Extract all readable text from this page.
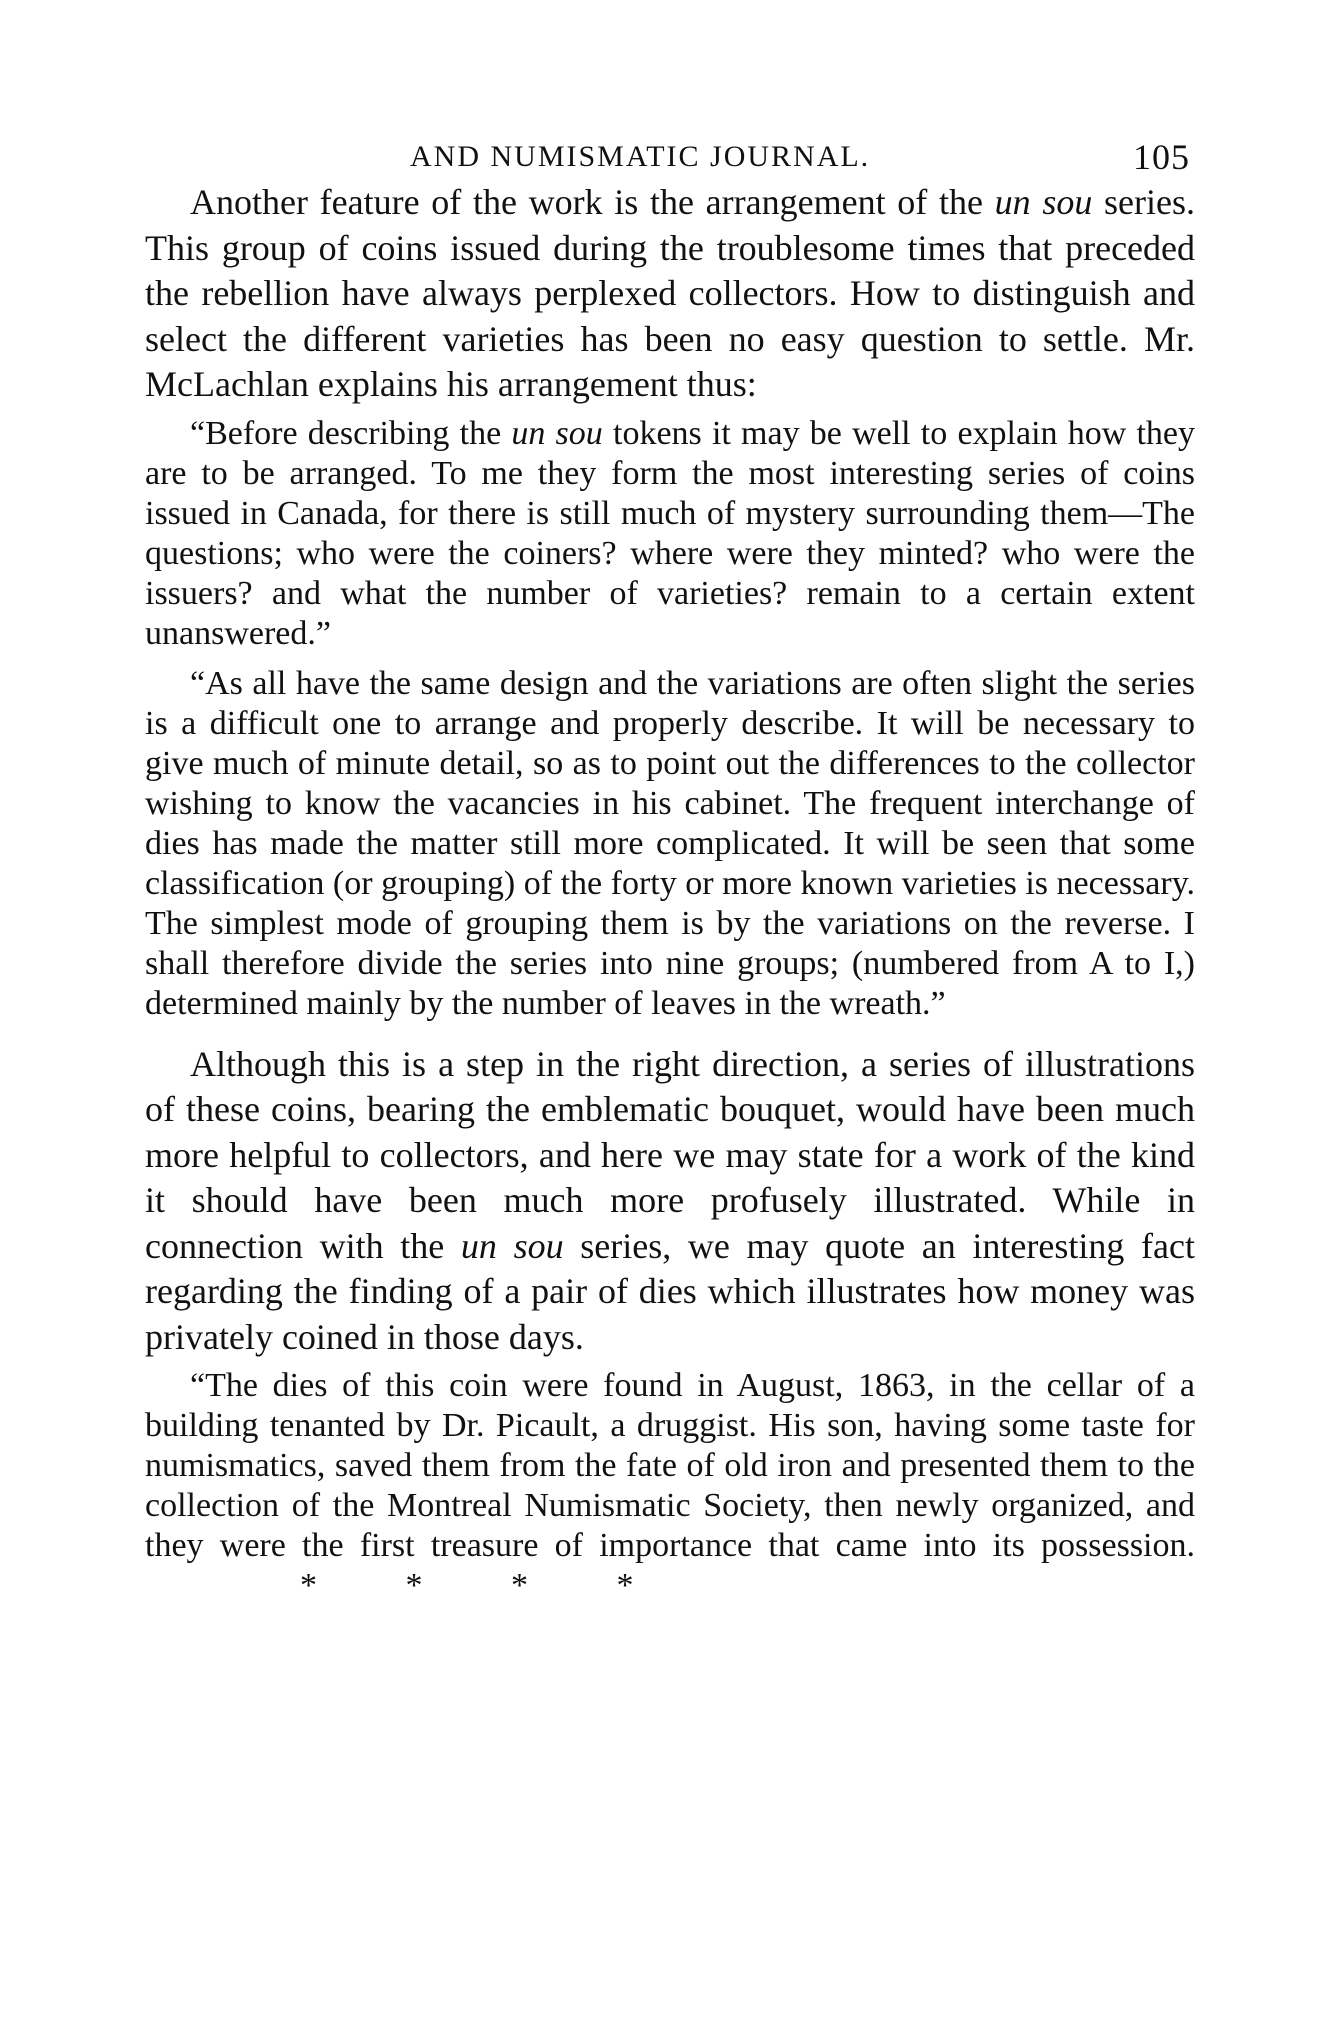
AND NUMISMATIC JOURNAL.	105

Another feature of the work is the arrangement of the un sou series. This group of coins issued during the troublesome times that preceded the rebellion have always perplexed collectors. How to distinguish and select the different varieties has been no easy question to settle. Mr. McLachlan explains his arrangement thus:

“Before describing the un sou tokens it may be well to explain how they are to be arranged. To me they form the most interesting series of coins issued in Canada, for there is still much of mystery surrounding them—The questions; who were the coiners? where were they minted? who were the issuers? and what the number of varieties? remain to a certain extent unanswered.”

“As all have the same design and the variations are often slight the series is a difficult one to arrange and properly describe. It will be necessary to give much of minute detail, so as to point out the differences to the collector wishing to know the vacancies in his cabinet. The frequent interchange of dies has made the matter still more complicated. It will be seen that some classification (or grouping) of the forty or more known varieties is necessary. The simplest mode of grouping them is by the variations on the reverse. I shall therefore divide the series into nine groups; (numbered from A to I,) determined mainly by the number of leaves in the wreath.”

Although this is a step in the right direction, a series of illustrations of these coins, bearing the emblematic bouquet, would have been much more helpful to collectors, and here we may state for a work of the kind it should have been much more profusely illustrated. While in connection with the un sou series, we may quote an interesting fact regarding the finding of a pair of dies which illustrates how money was privately coined in those days.

“The dies of this coin were found in August, 1863, in the cellar of a building tenanted by Dr. Picault, a druggist. His son, having some taste for numismatics, saved them from the fate of old iron and presented them to the collection of the Montreal Numismatic Society, then newly organized, and they were the first treasure of importance that came into its possession.* * * *
